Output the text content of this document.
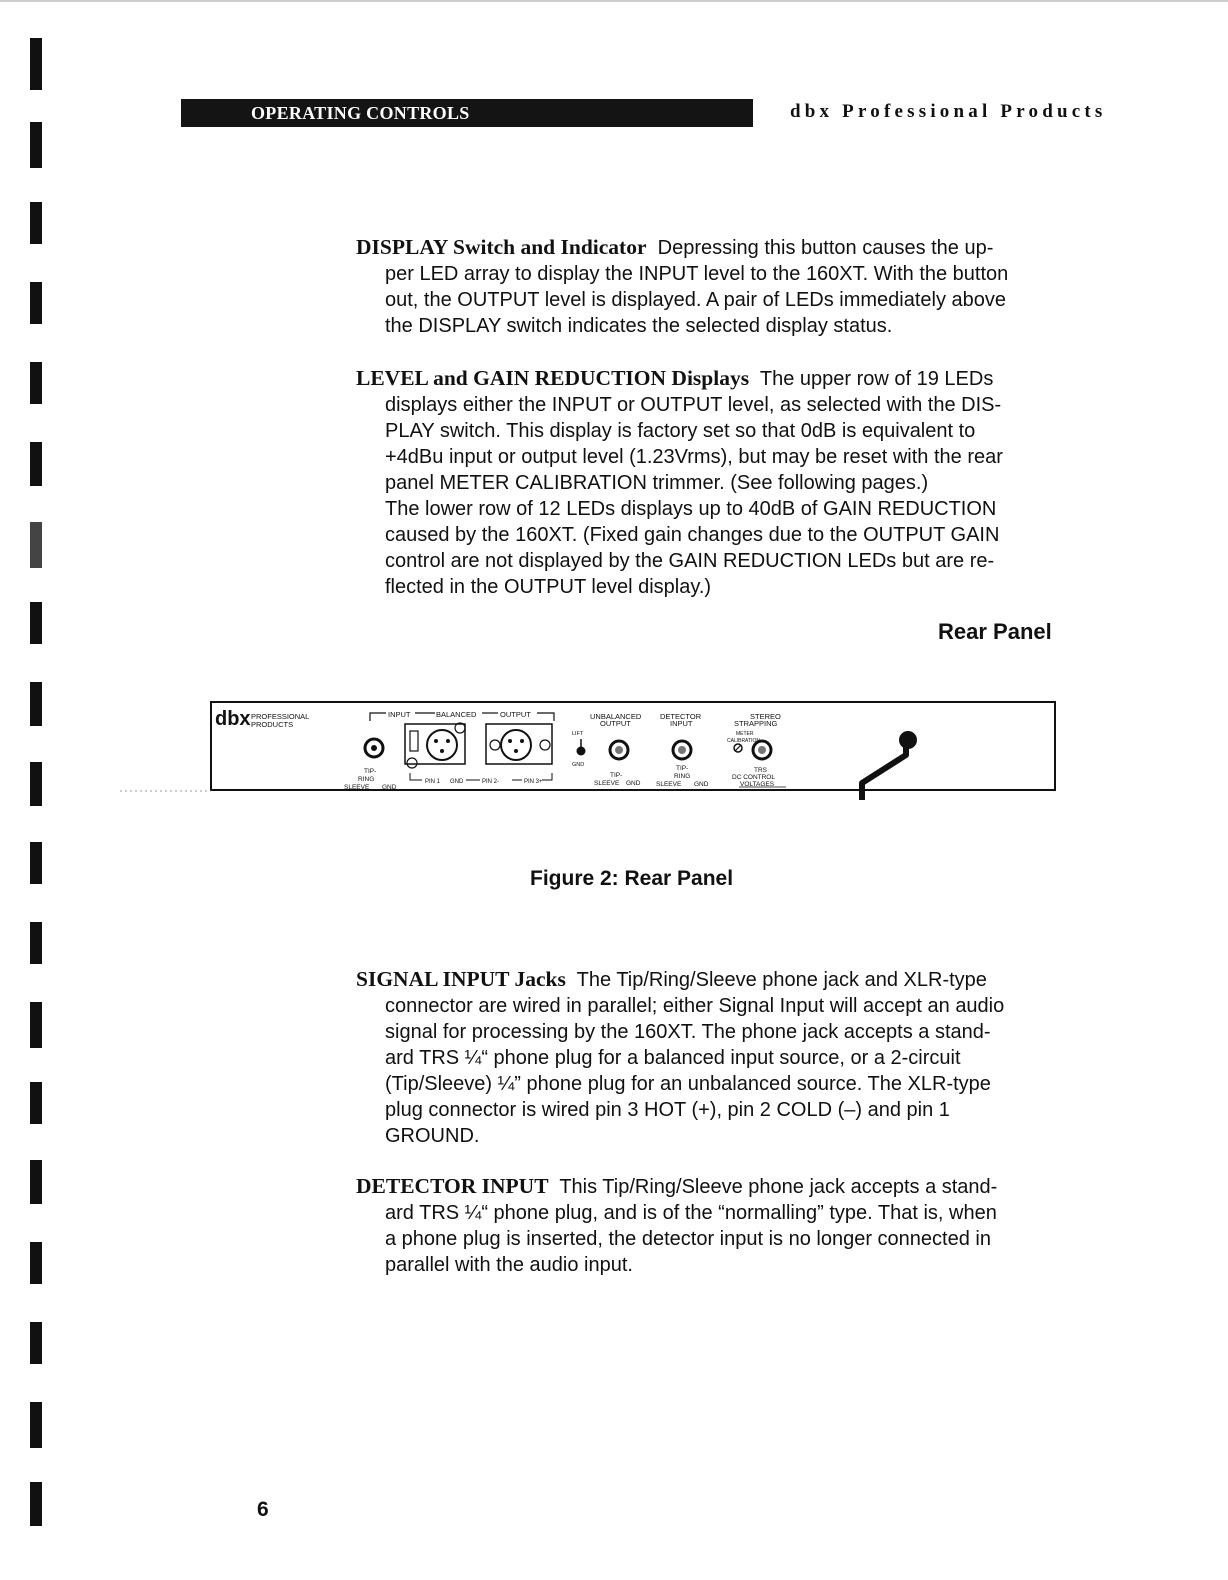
OPERATING CONTROLS	dbx Professional Products
DISPLAY Switch and Indicator Depressing this button causes the up-
per LED array to display the INPUT level to the 160XT. With the button
out, the OUTPUT level is displayed. A pair of LEDs immediately above
the DISPLAY switch indicates the selected display status.
LEVEL and GAIN REDUCTION Displays The upper row of 19 LEDs
displays either the INPUT or OUTPUT level, as selected with the DIS-
PLAY switch. This display is factory set so that 0dB is equivalent to
+4dBu input or output level (1.23Vrms), but may be reset with the rear
panel METER CALIBRATION trimmer. (See following pages.)
The lower row of 12 LEDs displays up to 40dB of GAIN REDUCTION
caused by the 160XT. (Fixed gain changes due to the OUTPUT GAIN
control are not displayed by the GAIN REDUCTION LEDs but are re-
flected in the OUTPUT level display.)
Rear Panel
dbx PROFESSIONAL
PRODUCTS
INPUT	BALANCED	OUTPUT
TIP-
RING
SLEEVE GND
PIN 1 GND	PIN 2-	PIN 3+
LIFT
GND
UNBALANCED
OUTPUT
TIP-
SLEEVE GND
DETECTOR
INPUT
TIP-
RING
SLEEVE GND
METER
CALIBRATION
STEREO
STRAPPING
TRS
DC CONTROL
VOLTAGES
Figure 2: Rear Panel
SIGNAL INPUT Jacks The Tip/Ring/Sleeve phone jack and XLR-type
connector are wired in parallel; either Signal Input will accept an audio
signal for processing by the 160XT. The phone jack accepts a stand-
ard TRS ¼“ phone plug for a balanced input source, or a 2-circuit
(Tip/Sleeve) ¼” phone plug for an unbalanced source. The XLR-type
plug connector is wired pin 3 HOT (+), pin 2 COLD (–) and pin 1
GROUND.
DETECTOR INPUT This Tip/Ring/Sleeve phone jack accepts a stand-
ard TRS ¼“ phone plug, and is of the “normalling” type. That is, when
a phone plug is inserted, the detector input is no longer connected in
parallel with the audio input.
6
